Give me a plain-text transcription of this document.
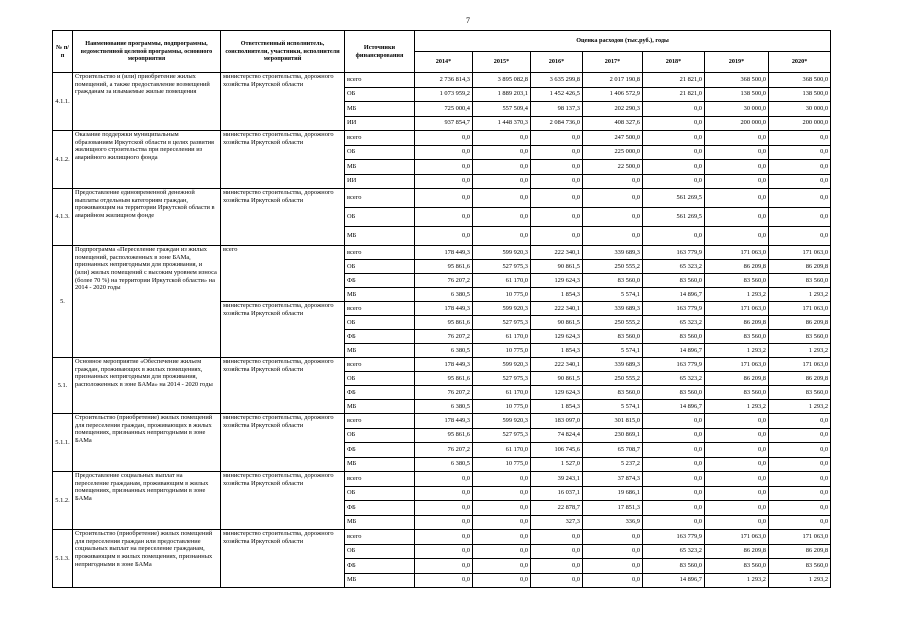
7
№ п/п	Наименование программы, подпрограммы, ведомственной целевой программы, основного мероприятия	Ответственный исполнитель, соисполнители, участники, исполнители мероприятий	Источники финансирования	Оценка расходов (тыс.руб.), годы						
				2014*	2015*	2016*	2017*	2018*	2019*	2020*
4.1.1.	Строительство и (или) приобретение жилых помещений, а также предоставление возмещений гражданам за изымаемые жилые помещения	министерство строительства, дорожного хозяйства Иркутской области	всего	2 736 814,3	3 895 082,8	3 635 299,8	2 017 190,8	21 821,0	368 500,0	368 500,0
			ОБ	1 073 959,2	1 889 203,1	1 452 426,5	1 406 572,9	21 821,0	138 500,0	138 500,0
			МБ	725 000,4	557 509,4	98 137,3	202 290,3	0,0	30 000,0	30 000,0
			ИИ	937 854,7	1 448 370,3	2 084 736,0	408 327,6	0,0	200 000,0	200 000,0
4.1.2.	Оказание поддержки муниципальным образованиям Иркутской области в целях развития жилищного строительства при переселении из аварийного жилищного фонда	министерство строительства, дорожного хозяйства Иркутской области	всего	0,0	0,0	0,0	247 500,0	0,0	0,0	0,0
			ОБ	0,0	0,0	0,0	225 000,0	0,0	0,0	0,0
			МБ	0,0	0,0	0,0	22 500,0	0,0	0,0	0,0
			ИИ	0,0	0,0	0,0	0,0	0,0	0,0	0,0
4.1.3.	Предоставление единовременной денежной выплаты отдельным категориям граждан, проживающим на территории Иркутской области в аварийном жилищном фонде	министерство строительства, дорожного хозяйства Иркутской области	всего	0,0	0,0	0,0	0,0	561 269,5	0,0	0,0
			ОБ	0,0	0,0	0,0	0,0	561 269,5	0,0	0,0
			МБ	0,0	0,0	0,0	0,0	0,0	0,0	0,0
5.	Подпрограмма «Переселение граждан из жилых помещений, расположенных в зоне БАМа, признанных непригодными для проживания, и (или) жилых помещений с высоким уровнем износа (более 70 %) на территории Иркутской области» на 2014 - 2020 годы	всего	всего	178 449,3	599 920,3	222 340,1	339 689,3	163 779,9	171 063,0	171 063,0
			ОБ	95 861,6	527 975,3	90 861,5	250 555,2	65 323,2	86 209,8	86 209,8
			ФБ	76 207,2	61 170,0	129 624,3	83 560,0	83 560,0	83 560,0	83 560,0
			МБ	6 380,5	10 775,0	1 854,3	5 574,1	14 896,7	1 293,2	1 293,2
		министерство строительства, дорожного хозяйства Иркутской области	всего	178 449,3	599 920,3	222 340,1	339 689,3	163 779,9	171 063,0	171 063,0
			ОБ	95 861,6	527 975,3	90 861,5	250 555,2	65 323,2	86 209,8	86 209,8
			ФБ	76 207,2	61 170,0	129 624,3	83 560,0	83 560,0	83 560,0	83 560,0
			МБ	6 380,5	10 775,0	1 854,3	5 574,1	14 896,7	1 293,2	1 293,2
5.1.	Основное мероприятие «Обеспечение жильем граждан, проживающих в жилых помещениях, признанных непригодными для проживания, расположенных в зоне БАМа» на 2014 - 2020 годы	министерство строительства, дорожного хозяйства Иркутской области	всего	178 449,3	599 920,3	222 340,1	339 689,3	163 779,9	171 063,0	171 063,0
			ОБ	95 861,6	527 975,3	90 861,5	250 555,2	65 323,2	86 209,8	86 209,8
			ФБ	76 207,2	61 170,0	129 624,3	83 560,0	83 560,0	83 560,0	83 560,0
			МБ	6 380,5	10 775,0	1 854,3	5 574,1	14 896,7	1 293,2	1 293,2
5.1.1.	Строительство (приобретение) жилых помещений для переселения граждан, проживающих в жилых помещениях, признанных непригодными в зоне БАМа	министерство строительства, дорожного хозяйства Иркутской области	всего	178 449,3	599 920,3	183 097,0	301 815,0	0,0	0,0	0,0
			ОБ	95 861,6	527 975,3	74 824,4	230 869,1	0,0	0,0	0,0
			ФБ	76 207,2	61 170,0	106 745,6	65 708,7	0,0	0,0	0,0
			МБ	6 380,5	10 775,0	1 527,0	5 237,2	0,0	0,0	0,0
5.1.2.	Предоставление социальных выплат на переселение гражданам, проживающим в жилых помещениях, признанных непригодными в зоне БАМа	министерство строительства, дорожного хозяйства Иркутской области	всего	0,0	0,0	39 243,1	37 874,3	0,0	0,0	0,0
			ОБ	0,0	0,0	16 037,1	19 686,1	0,0	0,0	0,0
			ФБ	0,0	0,0	22 878,7	17 851,3	0,0	0,0	0,0
			МБ	0,0	0,0	327,3	336,9	0,0	0,0	0,0
5.1.3.	Строительство (приобретение) жилых помещений для переселения граждан или предоставление социальных выплат на переселение гражданам, проживающим в жилых помещениях, признанных непригодными в зоне БАМа	министерство строительства, дорожного хозяйства Иркутской области	всего	0,0	0,0	0,0	0,0	163 779,9	171 063,0	171 063,0
			ОБ	0,0	0,0	0,0	0,0	65 323,2	86 209,8	86 209,8
			ФБ	0,0	0,0	0,0	0,0	83 560,0	83 560,0	83 560,0
			МБ	0,0	0,0	0,0	0,0	14 896,7	1 293,2	1 293,2
